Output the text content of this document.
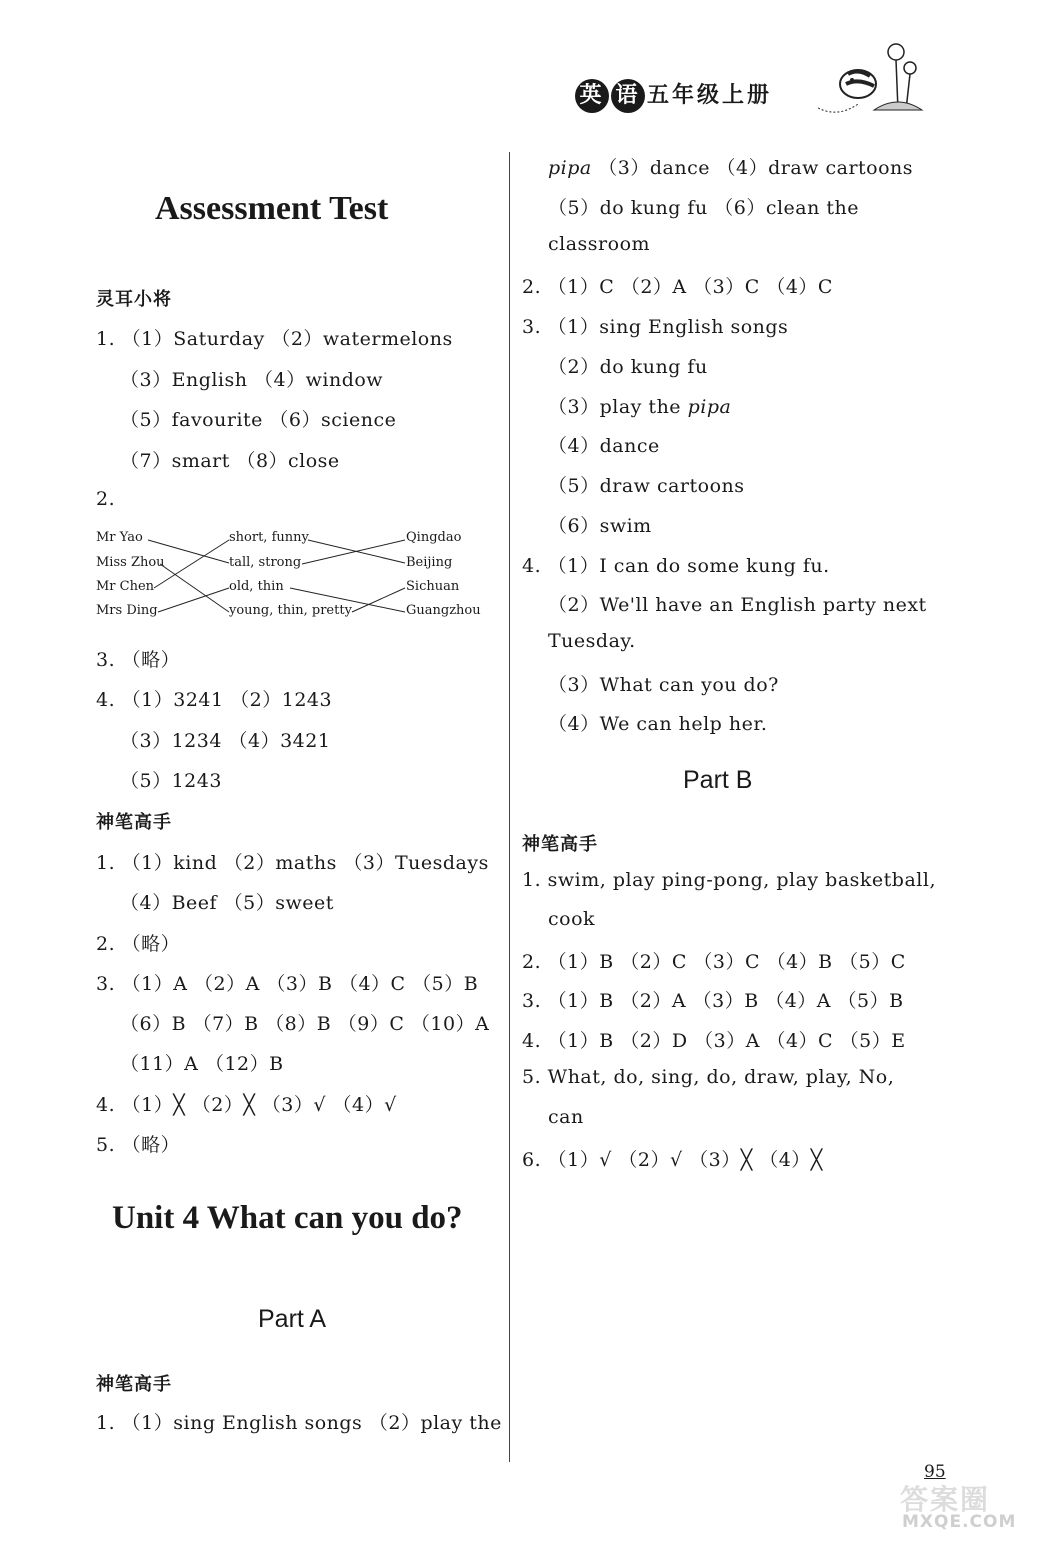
英 语 五年级上册
Assessment Test
灵耳小将
1. （1）Saturday （2）watermelons
（3）English （4）window
（5）favourite （6）science
（7）smart （8）close
2.
Mr Yao
Miss Zhou
Mr Chen
Mrs Ding
short, funny
tall, strong
old, thin
young, thin, pretty
Qingdao
Beijing
Sichuan
Guangzhou
3. （略）
4. （1）3241 （2）1243
（3）1234 （4）3421
（5）1243
神笔高手
1. （1）kind （2）maths （3）Tuesdays
（4）Beef （5）sweet
2. （略）
3. （1）A （2）A （3）B （4）C （5）B
（6）B （7）B （8）B （9）C （10）A
（11）A （12）B
4. （1）╳ （2）╳ （3）√ （4）√
5. （略）
Unit 4 What can you do?
Part A
神笔高手
1. （1）sing English songs （2）play the
pipa （3）dance （4）draw cartoons
（5）do kung fu （6）clean the
classroom
2. （1）C （2）A （3）C （4）C
3. （1）sing English songs
（2）do kung fu
（3）play the pipa
（4）dance
（5）draw cartoons
（6）swim
4. （1）I can do some kung fu.
（2）We'll have an English party next
Tuesday.
（3）What can you do?
（4）We can help her.
Part B
神笔高手
1. swim, play ping-pong, play basketball,
cook
2. （1）B （2）C （3）C （4）B （5）C
3. （1）B （2）A （3）B （4）A （5）B
4. （1）B （2）D （3）A （4）C （5）E
5. What, do, sing, do, draw, play, No,
can
6. （1）√ （2）√ （3）╳ （4）╳
95
答案圈
MXQE.COM
